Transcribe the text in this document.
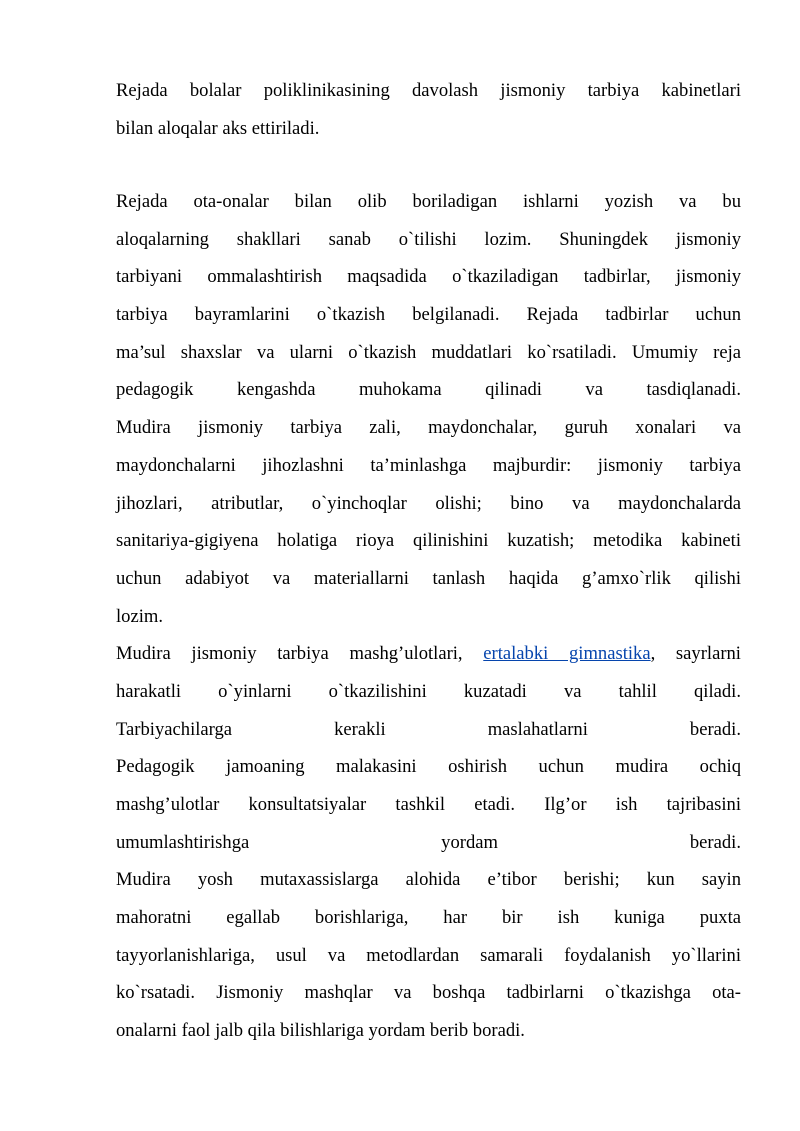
Rejada bolalar poliklinikasining davolash jismoniy tarbiya kabinetlari
bilan aloqalar aks ettiriladi.
Rejada ota-onalar bilan olib boriladigan ishlarni yozish va bu
aloqalarning shakllari sanab o`tilishi lozim. Shuningdek jismoniy
tarbiyani ommalashtirish maqsadida o`tkaziladigan tadbirlar, jismoniy
tarbiya bayramlarini o`tkazish belgilanadi. Rejada tadbirlar uchun
ma’sul shaxslar va ularni o`tkazish muddatlari ko`rsatiladi. Umumiy reja
pedagogik kengashda muhokama qilinadi va tasdiqlanadi.
Mudira jismoniy tarbiya zali, maydonchalar, guruh xonalari va
maydonchalarni jihozlashni ta’minlashga majburdir: jismoniy tarbiya
jihozlari, atributlar, o`yinchoqlar olishi; bino va maydonchalarda
sanitariya-gigiyena holatiga rioya qilinishini kuzatish; metodika kabineti
uchun adabiyot va materiallarni tanlash haqida g’amxo`rlik qilishi
lozim.
Mudira jismoniy tarbiya mashg’ulotlari, ertalabki gimnastika, sayrlarni
harakatli o`yinlarni o`tkazilishini kuzatadi va tahlil qiladi.
Tarbiyachilarga kerakli maslahatlarni beradi.
Pedagogik jamoaning malakasini oshirish uchun mudira ochiq
mashg’ulotlar konsultatsiyalar tashkil etadi. Ilg’or ish tajribasini
umumlashtirishga yordam beradi.
Mudira yosh mutaxassislarga alohida e’tibor berishi; kun sayin
mahoratni egallab borishlariga, har bir ish kuniga puxta
tayyorlanishlariga, usul va metodlardan samarali foydalanish yo`llarini
ko`rsatadi. Jismoniy mashqlar va boshqa tadbirlarni o`tkazishga ota-
onalarni faol jalb qila bilishlariga yordam berib boradi.
